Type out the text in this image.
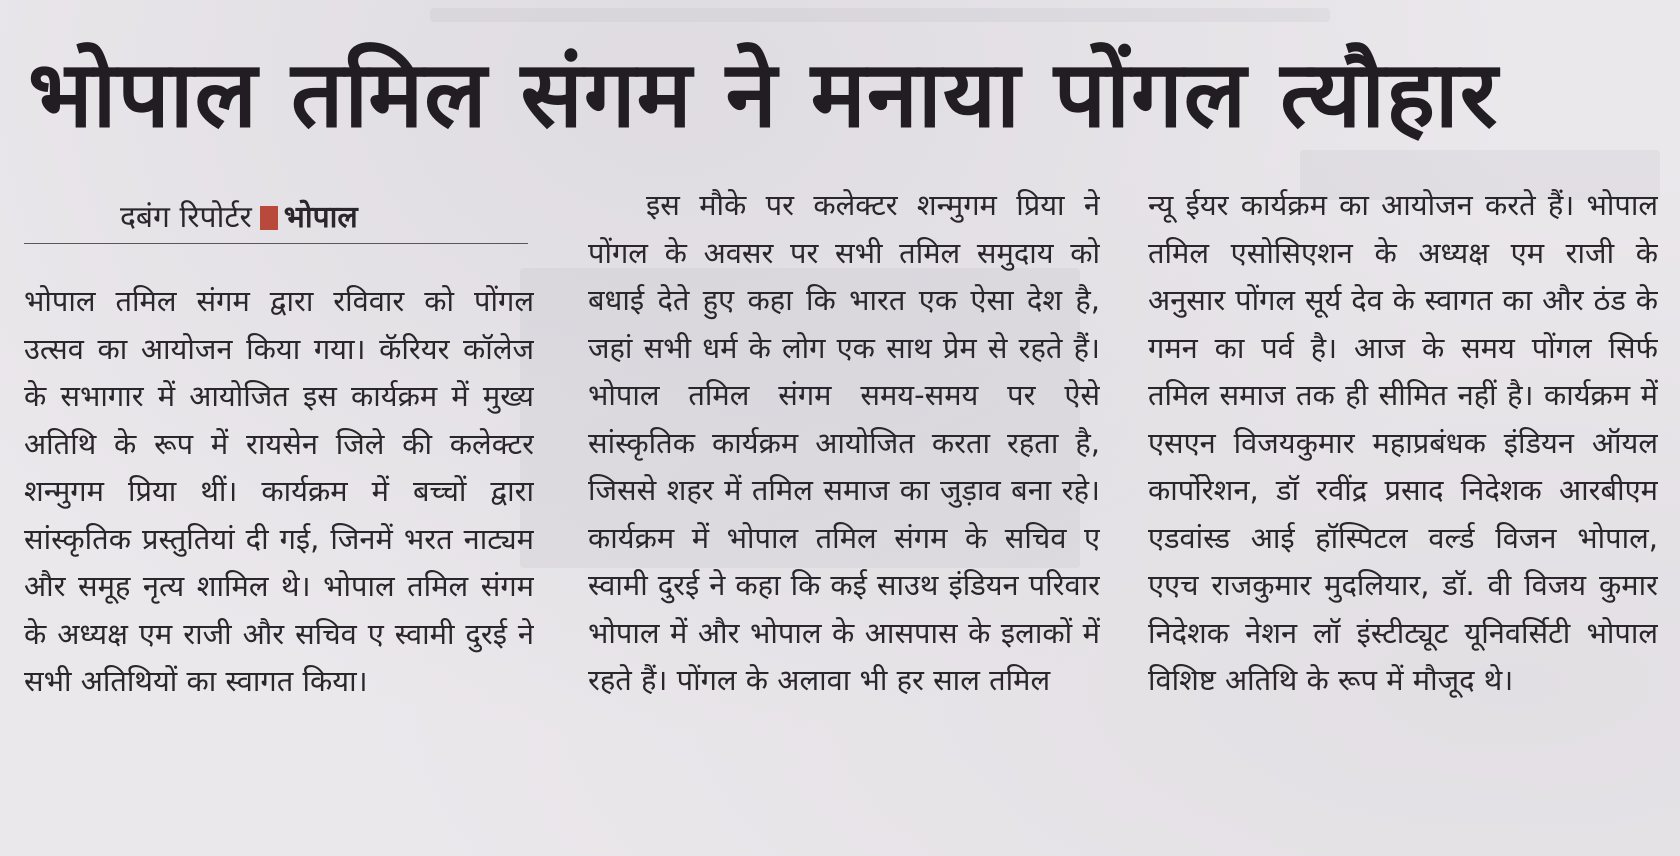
भोपाल तमिल संगम ने मनाया पोंगल त्यौहार
दबंग रिपोर्टर भोपाल
भोपाल तमिल संगम द्वारा रविवार को पोंगल उत्सव का आयोजन किया गया। कॅरियर कॉलेज के सभागार में आयोजित इस कार्यक्रम में मुख्य अतिथि के रूप में रायसेन जिले की कलेक्टर शन्मुगम प्रिया थीं। कार्यक्रम में बच्चों द्वारा सांस्कृतिक प्रस्तुतियां दी गई, जिनमें भरत नाट्यम और समूह नृत्य शामिल थे। भोपाल तमिल संगम के अध्यक्ष एम राजी और सचिव ए स्वामी दुरई ने सभी अतिथियों का स्वागत किया।
इस मौके पर कलेक्टर शन्मुगम प्रिया ने पोंगल के अवसर पर सभी तमिल समुदाय को बधाई देते हुए कहा कि भारत एक ऐसा देश है, जहां सभी धर्म के लोग एक साथ प्रेम से रहते हैं। भोपाल तमिल संगम समय-समय पर ऐसे सांस्कृतिक कार्यक्रम आयोजित करता रहता है, जिससे शहर में तमिल समाज का जुड़ाव बना रहे। कार्यक्रम में भोपाल तमिल संगम के सचिव ए स्वामी दुरई ने कहा कि कई साउथ इंडियन परिवार भोपाल में और भोपाल के आसपास के इलाकों में रहते हैं। पोंगल के अलावा भी हर साल तमिल
न्यू ईयर कार्यक्रम का आयोजन करते हैं। भोपाल तमिल एसोसिएशन के अध्यक्ष एम राजी के अनुसार पोंगल सूर्य देव के स्वागत का और ठंड के गमन का पर्व है। आज के समय पोंगल सिर्फ तमिल समाज तक ही सीमित नहीं है। कार्यक्रम में एसएन विजयकुमार महाप्रबंधक इंडियन ऑयल कार्पोरेशन, डॉ रवींद्र प्रसाद निदेशक आरबीएम एडवांस्ड आई हॉस्पिटल वर्ल्ड विजन भोपाल, एएच राजकुमार मुदलियार, डॉ. वी विजय कुमार निदेशक नेशन लॉ इंस्टीट्यूट यूनिवर्सिटी भोपाल विशिष्ट अतिथि के रूप में मौजूद थे।
